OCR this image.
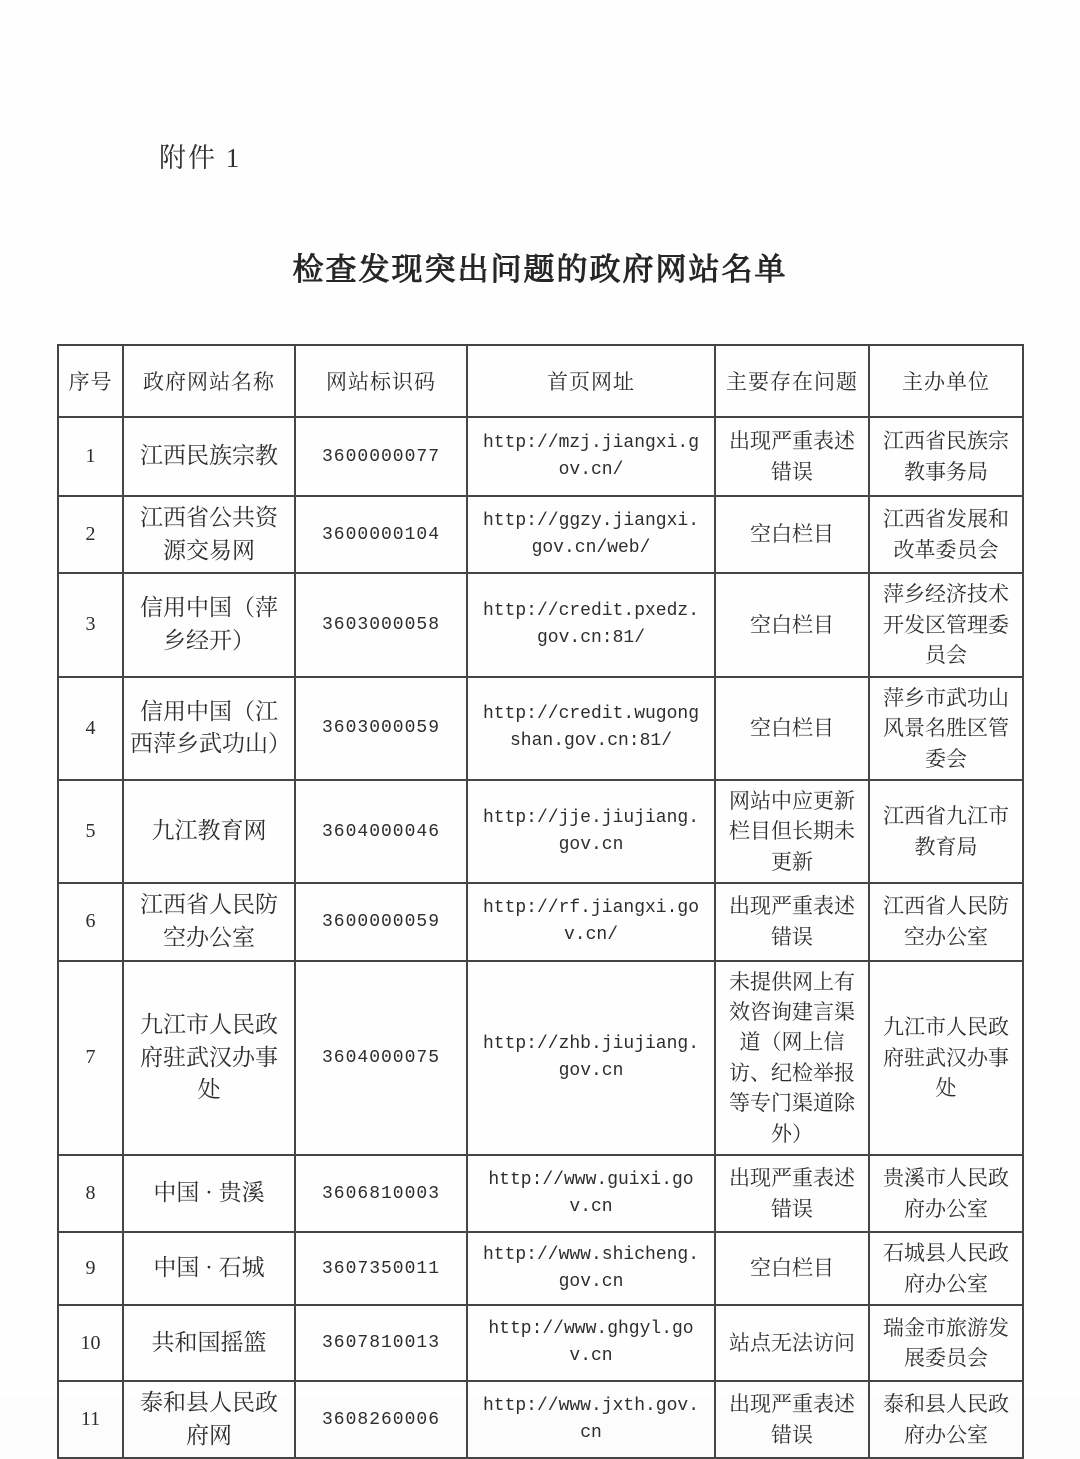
附件 1
检查发现突出问题的政府网站名单
序号	政府网站名称	网站标识码	首页网址	主要存在问题	主办单位
1	江西民族宗教	3600000077	http://mzj.jiangxi.gov.cn/	出现严重表述错误	江西省民族宗教事务局
2	江西省公共资源交易网	3600000104	http://ggzy.jiangxi.gov.cn/web/	空白栏目	江西省发展和改革委员会
3	信用中国（萍乡经开）	3603000058	http://credit.pxedz.gov.cn:81/	空白栏目	萍乡经济技术开发区管理委员会
4	信用中国（江西萍乡武功山）	3603000059	http://credit.wugongshan.gov.cn:81/	空白栏目	萍乡市武功山风景名胜区管委会
5	九江教育网	3604000046	http://jje.jiujiang.gov.cn	网站中应更新栏目但长期未更新	江西省九江市教育局
6	江西省人民防空办公室	3600000059	http://rf.jiangxi.gov.cn/	出现严重表述错误	江西省人民防空办公室
7	九江市人民政府驻武汉办事处	3604000075	http://zhb.jiujiang.gov.cn	未提供网上有效咨询建言渠道（网上信访、纪检举报等专门渠道除外）	九江市人民政府驻武汉办事处
8	中国 · 贵溪	3606810003	http://www.guixi.gov.cn	出现严重表述错误	贵溪市人民政府办公室
9	中国 · 石城	3607350011	http://www.shicheng.gov.cn	空白栏目	石城县人民政府办公室
10	共和国摇篮	3607810013	http://www.ghgyl.gov.cn	站点无法访问	瑞金市旅游发展委员会
11	泰和县人民政府网	3608260006	http://www.jxth.gov.cn	出现严重表述错误	泰和县人民政府办公室
